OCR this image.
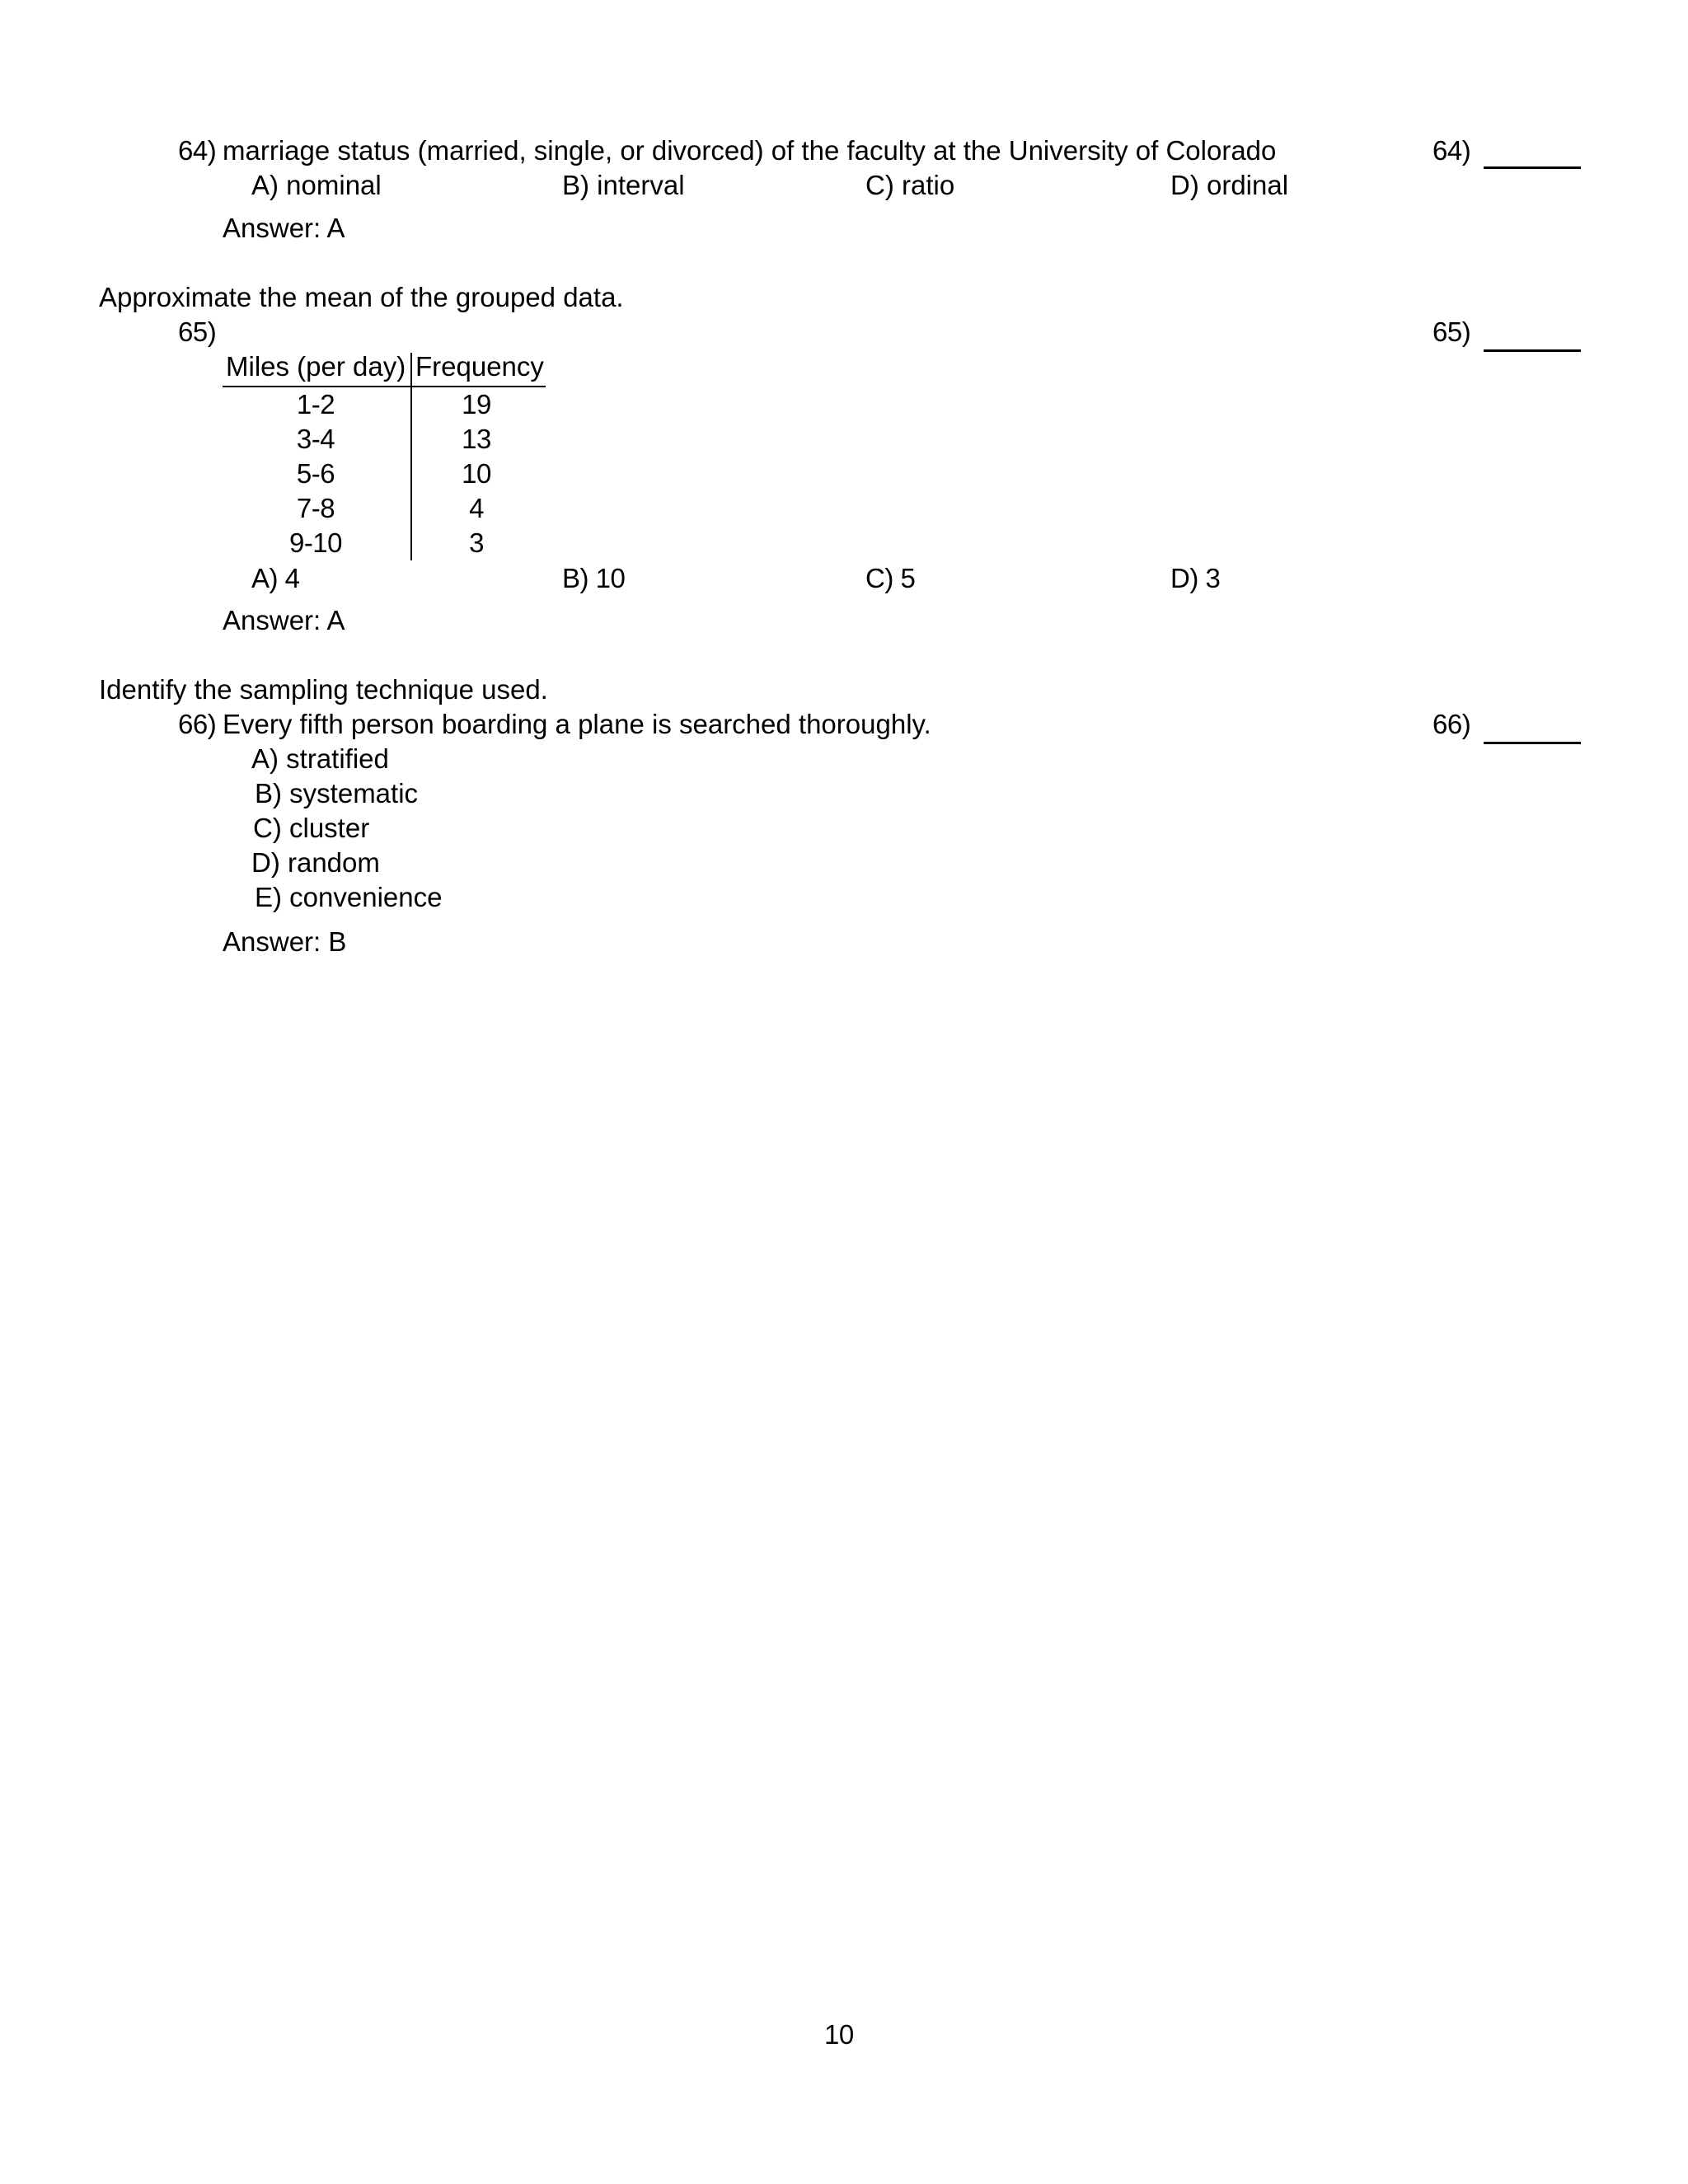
64) marriage status (married, single, or divorced) of the faculty at the University of Colorado	64)
A) nominal	B) interval	C) ratio	D) ordinal
Answer: A
Approximate the mean of the grouped data.
65)	65)
Miles (per day) Frequency
1-2	19
3-4	13
5-6	10
7-8	4
9-10	3
A) 4	B) 10	C) 5	D) 3
Answer: A
Identify the sampling technique used.
66) Every fifth person boarding a plane is searched thoroughly.	66)
A) stratified
B) systematic
C) cluster
D) random
E) convenience
Answer: B
10
